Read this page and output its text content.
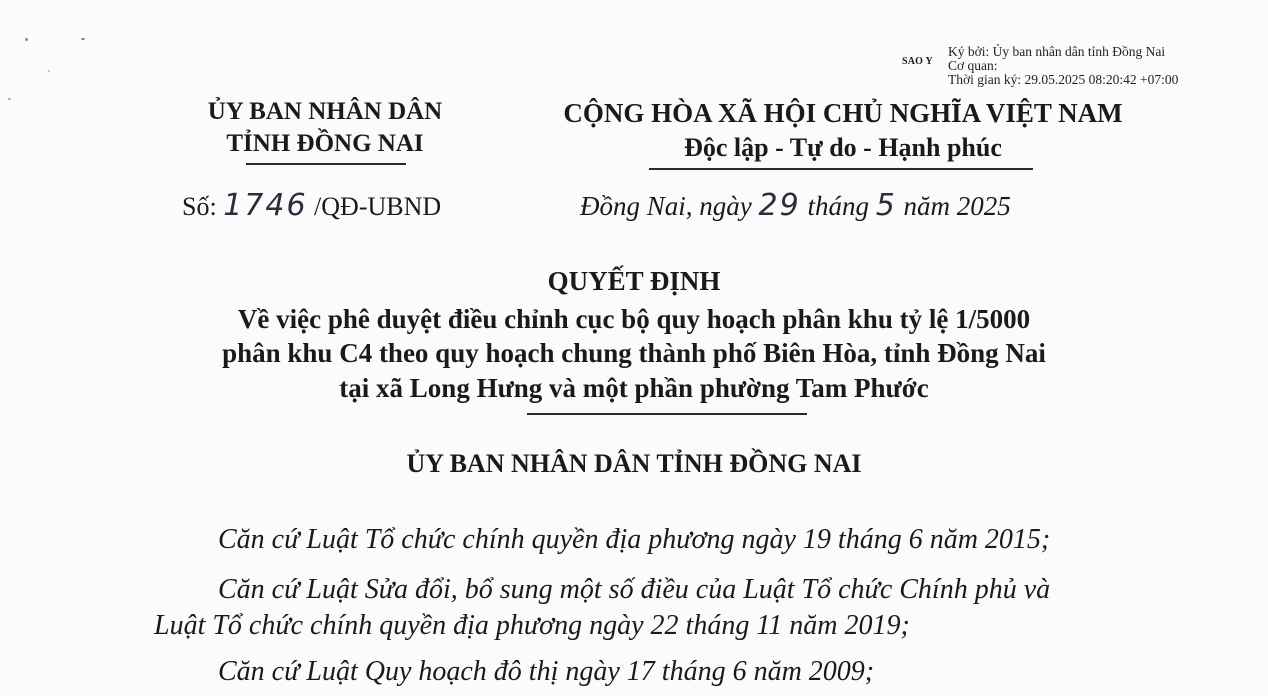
SAO Y
Ký bởi: Ủy ban nhân dân tỉnh Đồng Nai
Cơ quan:
Thời gian ký: 29.05.2025 08:20:42 +07:00
ỦY BAN NHÂN DÂN
TỈNH ĐỒNG NAI
CỘNG HÒA XÃ HỘI CHỦ NGHĨA VIỆT NAM
Độc lập - Tự do - Hạnh phúc
Số: 1746 /QĐ-UBND	Đồng Nai, ngày 29 tháng 5 năm 2025
QUYẾT ĐỊNH
Về việc phê duyệt điều chỉnh cục bộ quy hoạch phân khu tỷ lệ 1/5000
phân khu C4 theo quy hoạch chung thành phố Biên Hòa, tỉnh Đồng Nai
tại xã Long Hưng và một phần phường Tam Phước
ỦY BAN NHÂN DÂN TỈNH ĐỒNG NAI
Căn cứ Luật Tổ chức chính quyền địa phương ngày 19 tháng 6 năm 2015;
Căn cứ Luật Sửa đổi, bổ sung một số điều của Luật Tổ chức Chính phủ và
Luật Tổ chức chính quyền địa phương ngày 22 tháng 11 năm 2019;
Căn cứ Luật Quy hoạch đô thị ngày 17 tháng 6 năm 2009;
